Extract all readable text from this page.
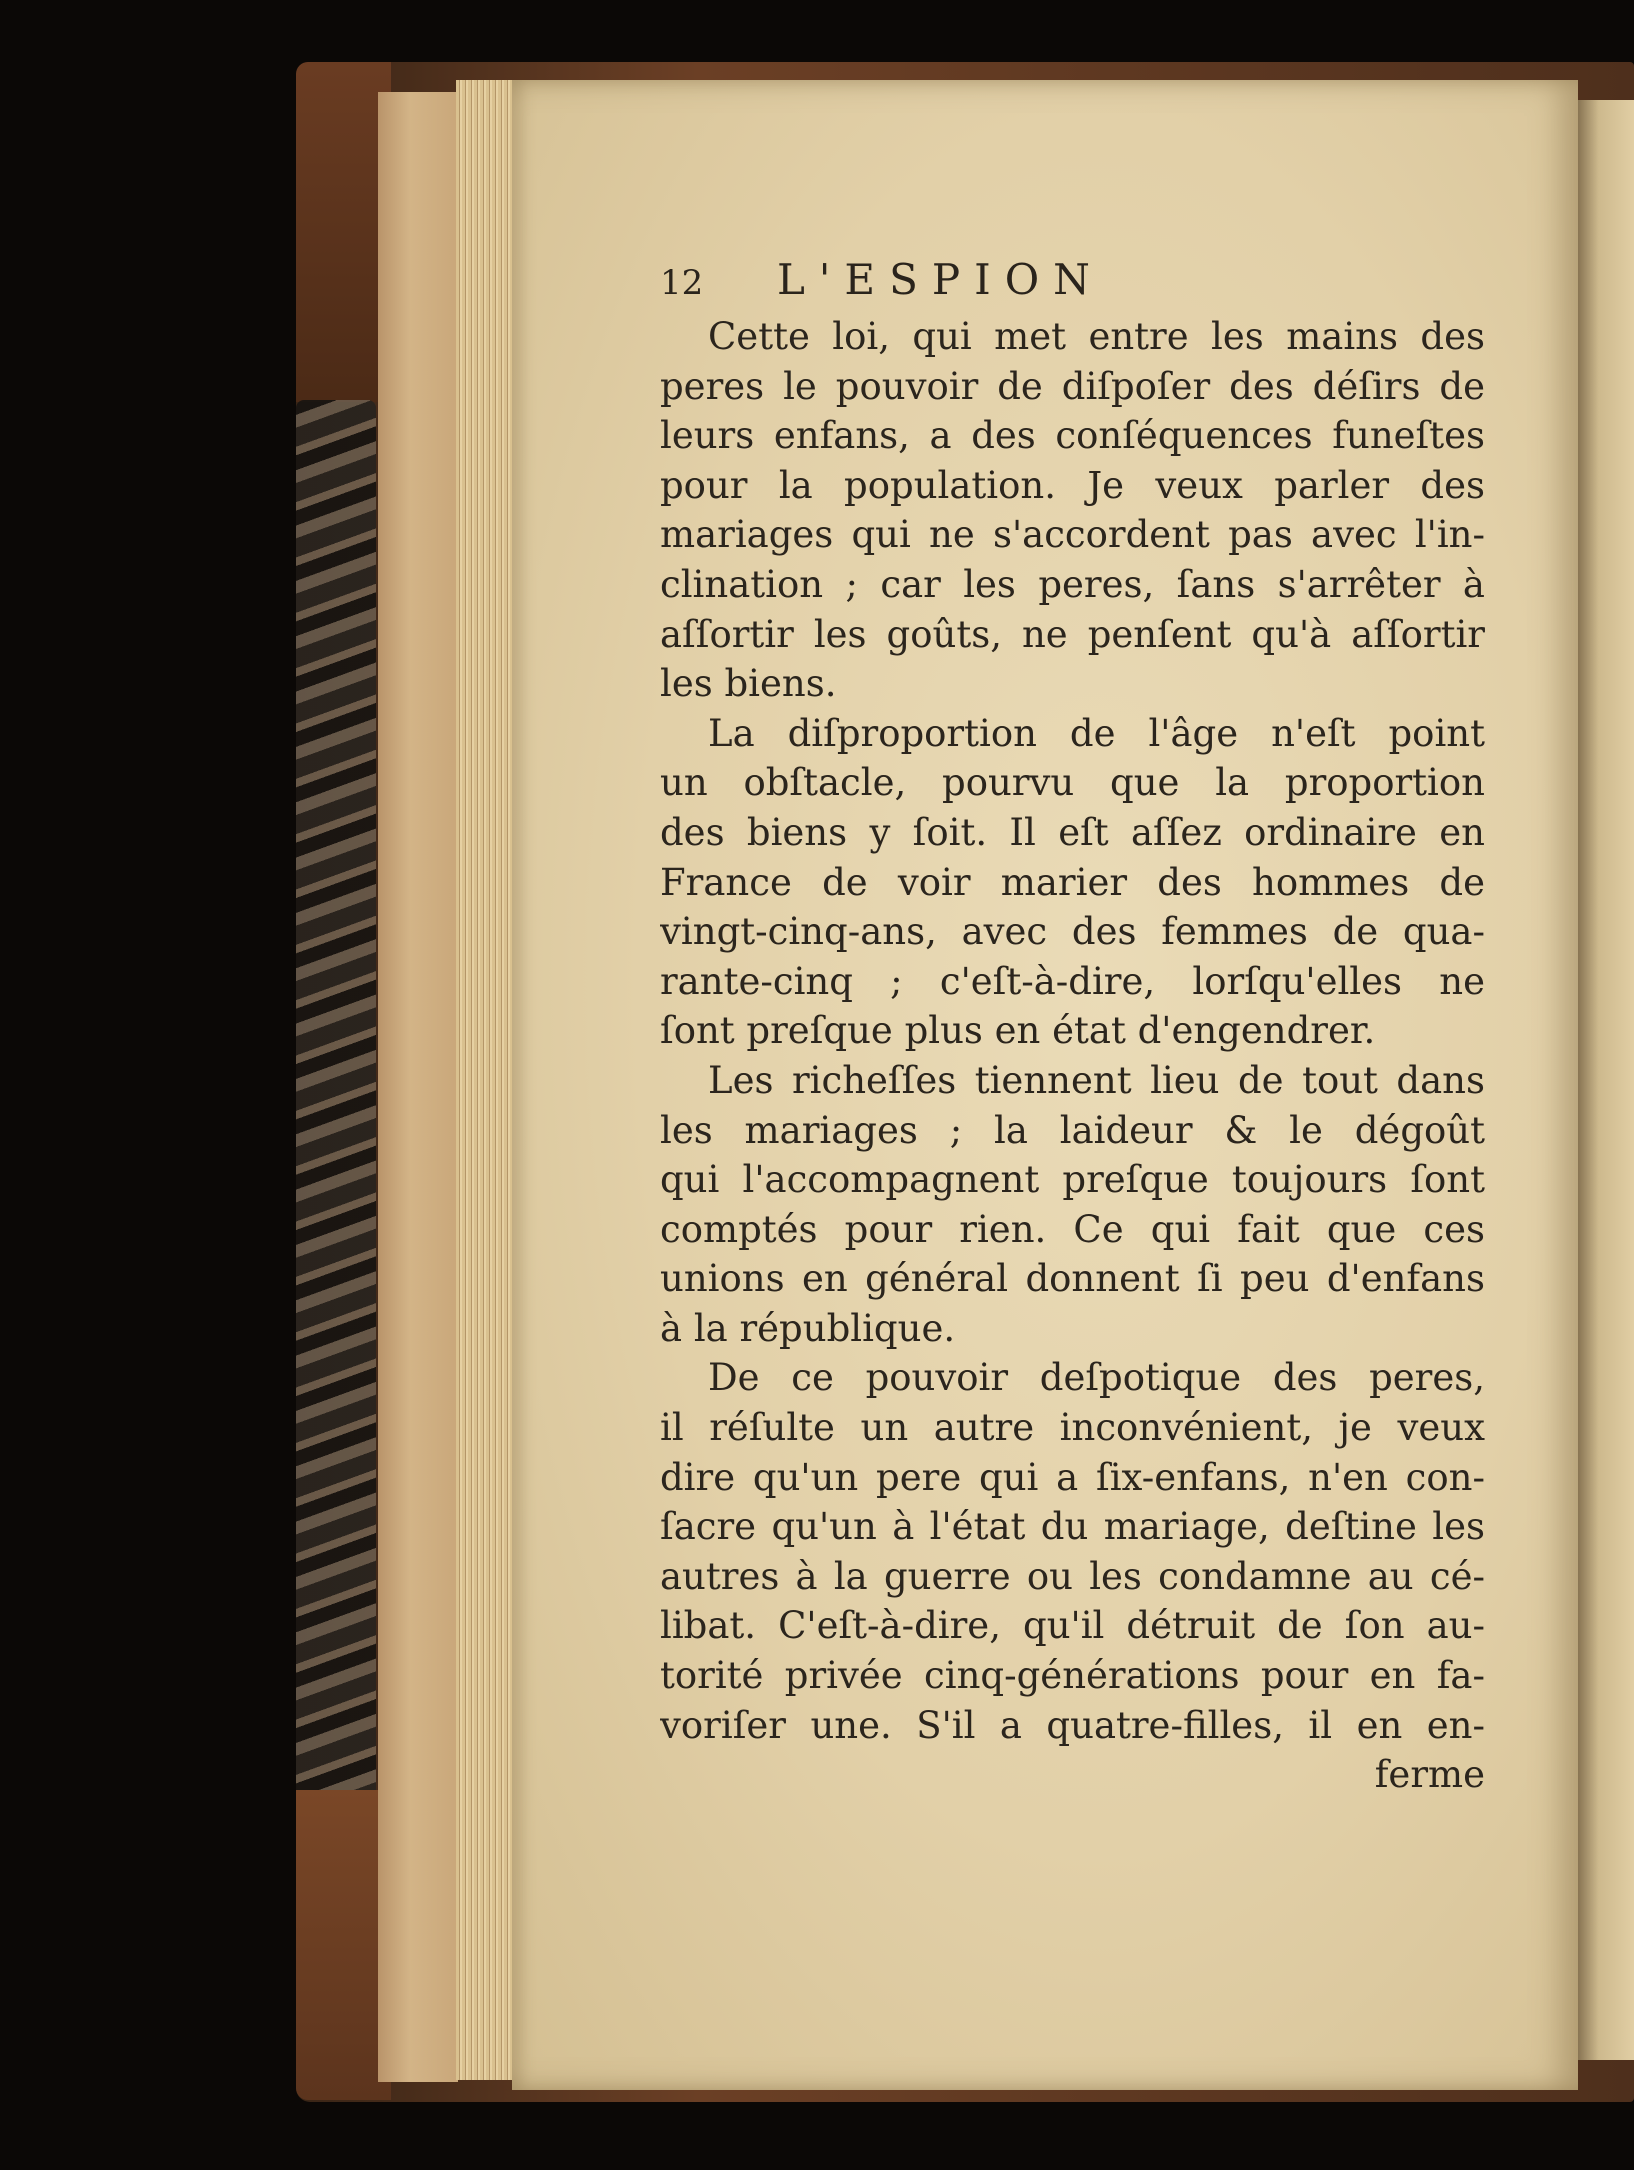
12 L'ESPION
Cette loi, qui met entre les mains des
peres le pouvoir de diſpoſer des déſirs de
leurs enfans, a des conſéquences funeſtes
pour la population. Je veux parler des
mariages qui ne s'accordent pas avec l'in-
clination ; car les peres, ſans s'arrêter à
aſſortir les goûts, ne penſent qu'à aſſortir
les biens.
La diſproportion de l'âge n'eſt point
un obſtacle, pourvu que la proportion
des biens y ſoit. Il eſt aſſez ordinaire en
France de voir marier des hommes de
vingt-cinq-ans, avec des femmes de qua-
rante-cinq ; c'eſt-à-dire, lorſqu'elles ne
ſont preſque plus en état d'engendrer.
Les richeſſes tiennent lieu de tout dans
les mariages ; la laideur & le dégoût
qui l'accompagnent preſque toujours ſont
comptés pour rien. Ce qui fait que ces
unions en général donnent ſi peu d'enfans
à la république.
De ce pouvoir deſpotique des peres,
il réſulte un autre inconvénient, je veux
dire qu'un pere qui a ſix-enfans, n'en con-
ſacre qu'un à l'état du mariage, deſtine les
autres à la guerre ou les condamne au cé-
libat. C'eſt-à-dire, qu'il détruit de ſon au-
torité privée cinq-générations pour en fa-
voriſer une. S'il a quatre-filles, il en en-
ferme
